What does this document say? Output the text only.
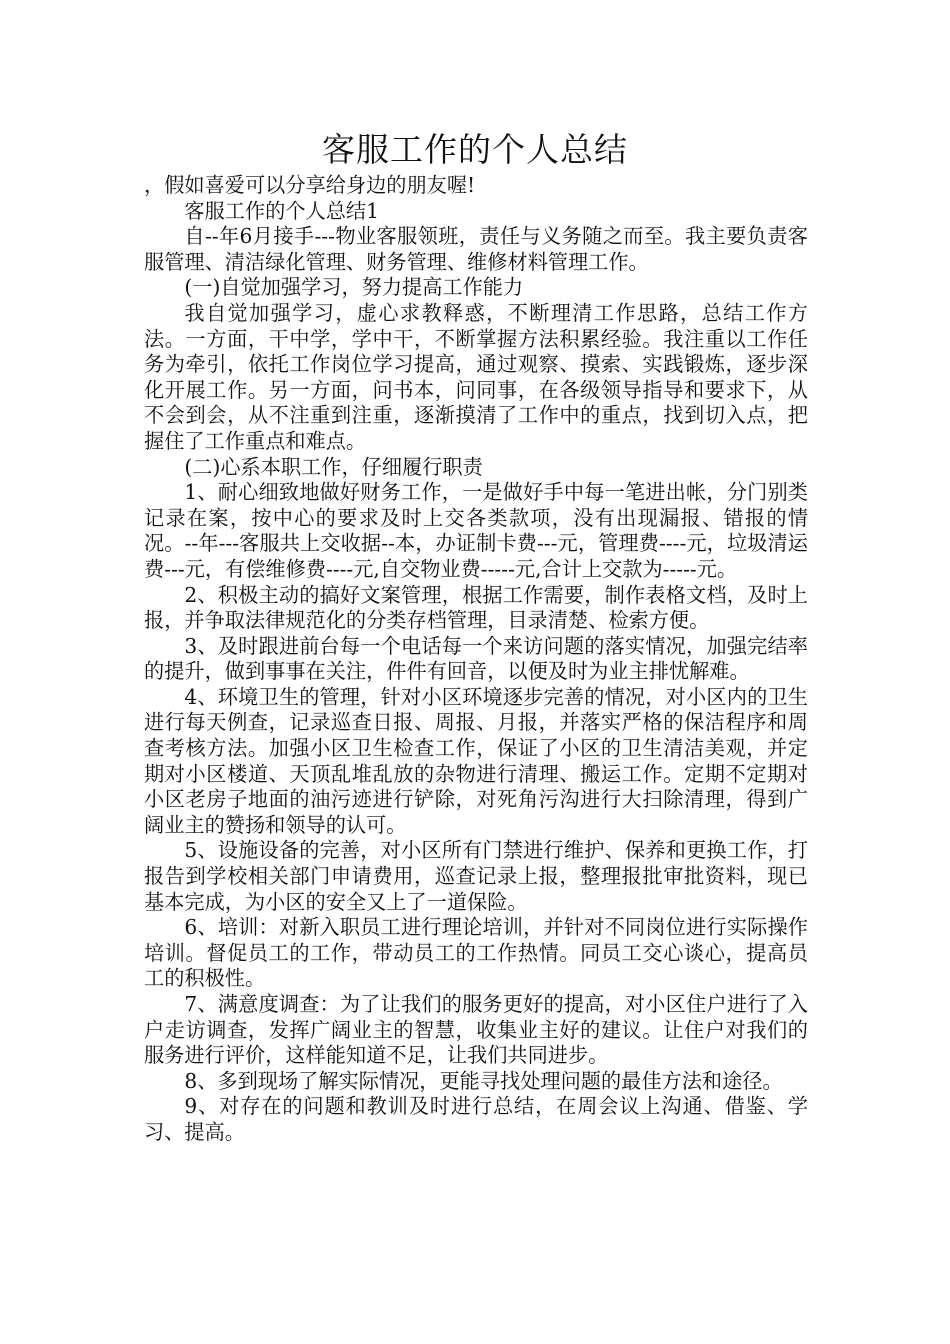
客服工作的个人总结

，假如喜爱可以分享给身边的朋友喔!

客服工作的个人总结1

自--年6月接手---物业客服领班，责任与义务随之而至。我主要负责客服管理、清洁绿化管理、财务管理、维修材料管理工作。

(一)自觉加强学习，努力提高工作能力

我自觉加强学习，虚心求教释惑，不断理清工作思路，总结工作方法。一方面，干中学，学中干，不断掌握方法积累经验。我注重以工作任务为牵引，依托工作岗位学习提高，通过观察、摸索、实践锻炼，逐步深化开展工作。另一方面，问书本，问同事，在各级领导指导和要求下，从不会到会，从不注重到注重，逐渐摸清了工作中的重点，找到切入点，把握住了工作重点和难点。

(二)心系本职工作，仔细履行职责

1、耐心细致地做好财务工作，一是做好手中每一笔进出帐，分门别类记录在案，按中心的要求及时上交各类款项，没有出现漏报、错报的情况。--年---客服共上交收据--本，办证制卡费---元，管理费----元，垃圾清运费---元，有偿维修费----元,自交物业费-----元,合计上交款为-----元。

2、积极主动的搞好文案管理，根据工作需要，制作表格文档，及时上报，并争取法律规范化的分类存档管理，目录清楚、检索方便。

3、及时跟进前台每一个电话每一个来访问题的落实情况，加强完结率的提升，做到事事在关注，件件有回音，以便及时为业主排忧解难。

4、环境卫生的管理，针对小区环境逐步完善的情况，对小区内的卫生进行每天例查，记录巡查日报、周报、月报，并落实严格的保洁程序和周查考核方法。加强小区卫生检查工作，保证了小区的卫生清洁美观，并定期对小区楼道、天顶乱堆乱放的杂物进行清理、搬运工作。定期不定期对小区老房子地面的油污迹进行铲除，对死角污沟进行大扫除清理，得到广阔业主的赞扬和领导的认可。

5、设施设备的完善，对小区所有门禁进行维护、保养和更换工作，打报告到学校相关部门申请费用，巡查记录上报，整理报批审批资料，现已基本完成，为小区的安全又上了一道保险。

6、培训：对新入职员工进行理论培训，并针对不同岗位进行实际操作培训。督促员工的工作，带动员工的工作热情。同员工交心谈心，提高员工的积极性。

7、满意度调查：为了让我们的服务更好的提高，对小区住户进行了入户走访调查，发挥广阔业主的智慧，收集业主好的建议。让住户对我们的服务进行评价，这样能知道不足，让我们共同进步。

8、多到现场了解实际情况，更能寻找处理问题的最佳方法和途径。

9、对存在的问题和教训及时进行总结，在周会议上沟通、借鉴、学习、提高。
